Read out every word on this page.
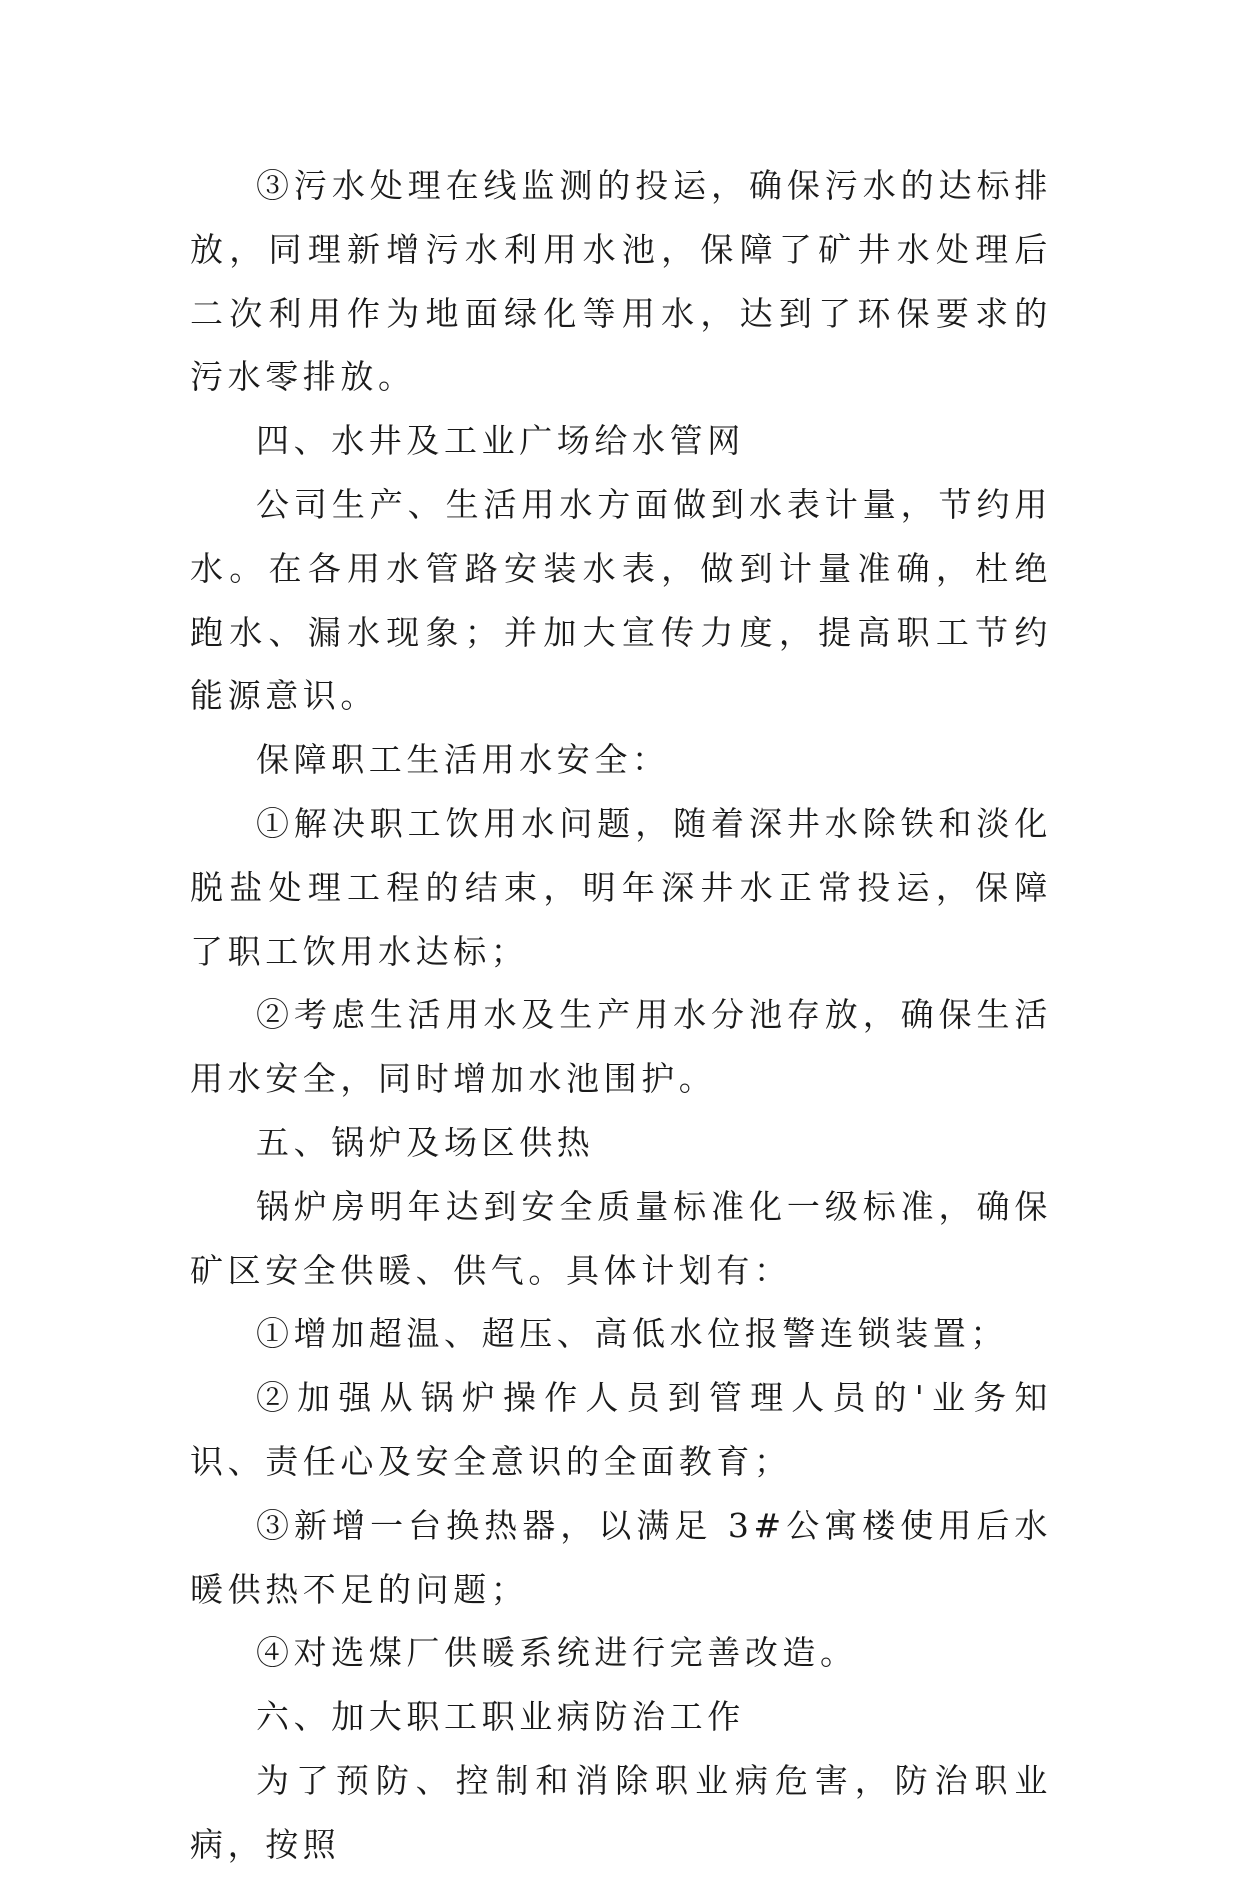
③污水处理在线监测的投运，确保污水的达标排放，同理新增污水利用水池，保障了矿井水处理后二次利用作为地面绿化等用水，达到了环保要求的污水零排放。

四、水井及工业广场给水管网

公司生产、生活用水方面做到水表计量，节约用水。在各用水管路安装水表，做到计量准确，杜绝跑水、漏水现象；并加大宣传力度，提高职工节约能源意识。

保障职工生活用水安全：

①解决职工饮用水问题，随着深井水除铁和淡化脱盐处理工程的结束，明年深井水正常投运，保障了职工饮用水达标；

②考虑生活用水及生产用水分池存放，确保生活用水安全，同时增加水池围护。

五、锅炉及场区供热

锅炉房明年达到安全质量标准化一级标准，确保矿区安全供暖、供气。具体计划有：

①增加超温、超压、高低水位报警连锁装置；

②加强从锅炉操作人员到管理人员的'业务知识、责任心及安全意识的全面教育；

③新增一台换热器，以满足 3#公寓楼使用后水暖供热不足的问题；

④对选煤厂供暖系统进行完善改造。

六、加大职工职业病防治工作

为了预防、控制和消除职业病危害，防治职业病，按照
